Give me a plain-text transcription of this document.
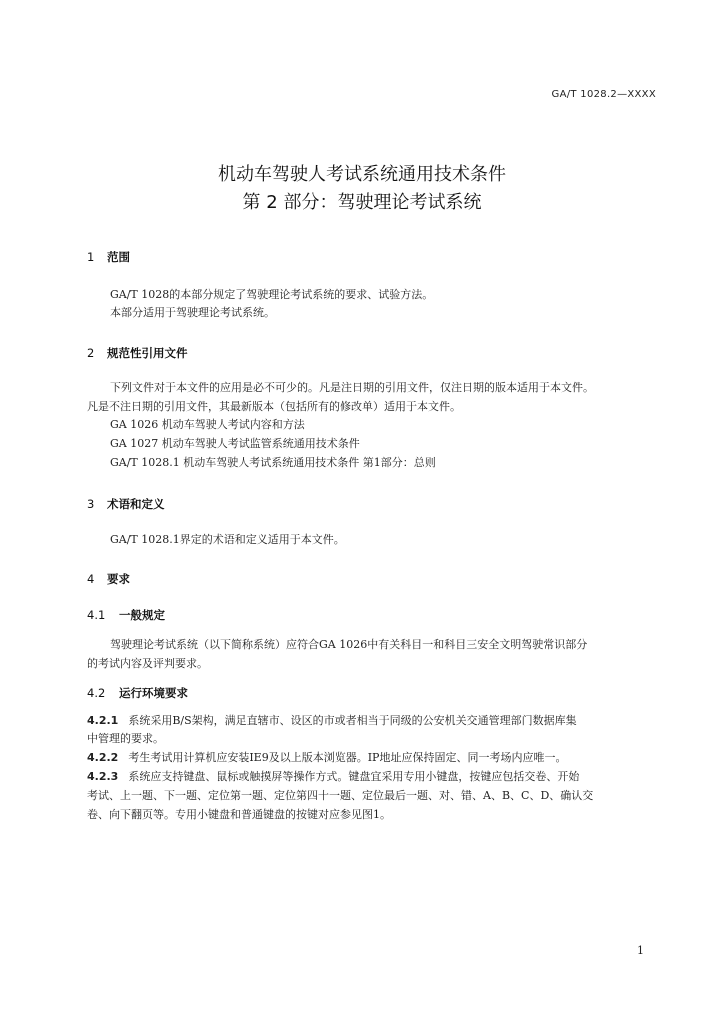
GA/T 1028.2—XXXX
机动车驾驶人考试系统通用技术条件
第 2 部分：驾驶理论考试系统
1 范围
GA/T 1028的本部分规定了驾驶理论考试系统的要求、试验方法。
本部分适用于驾驶理论考试系统。
2 规范性引用文件
下列文件对于本文件的应用是必不可少的。凡是注日期的引用文件，仅注日期的版本适用于本文件。
凡是不注日期的引用文件，其最新版本（包括所有的修改单）适用于本文件。
GA 1026 机动车驾驶人考试内容和方法
GA 1027 机动车驾驶人考试监管系统通用技术条件
GA/T 1028.1 机动车驾驶人考试系统通用技术条件 第1部分：总则
3 术语和定义
GA/T 1028.1界定的术语和定义适用于本文件。
4 要求
4.1 一般规定
驾驶理论考试系统（以下简称系统）应符合GA 1026中有关科目一和科目三安全文明驾驶常识部分
的考试内容及评判要求。
4.2 运行环境要求
4.2.1 系统采用B/S架构，满足直辖市、设区的市或者相当于同级的公安机关交通管理部门数据库集
中管理的要求。
4.2.2 考生考试用计算机应安装IE9及以上版本浏览器。IP地址应保持固定、同一考场内应唯一。
4.2.3 系统应支持键盘、鼠标或触摸屏等操作方式。键盘宜采用专用小键盘，按键应包括交卷、开始
考试、上一题、下一题、定位第一题、定位第四十一题、定位最后一题、对、错、A、B、C、D、确认交
卷、向下翻页等。专用小键盘和普通键盘的按键对应参见图1。
1
